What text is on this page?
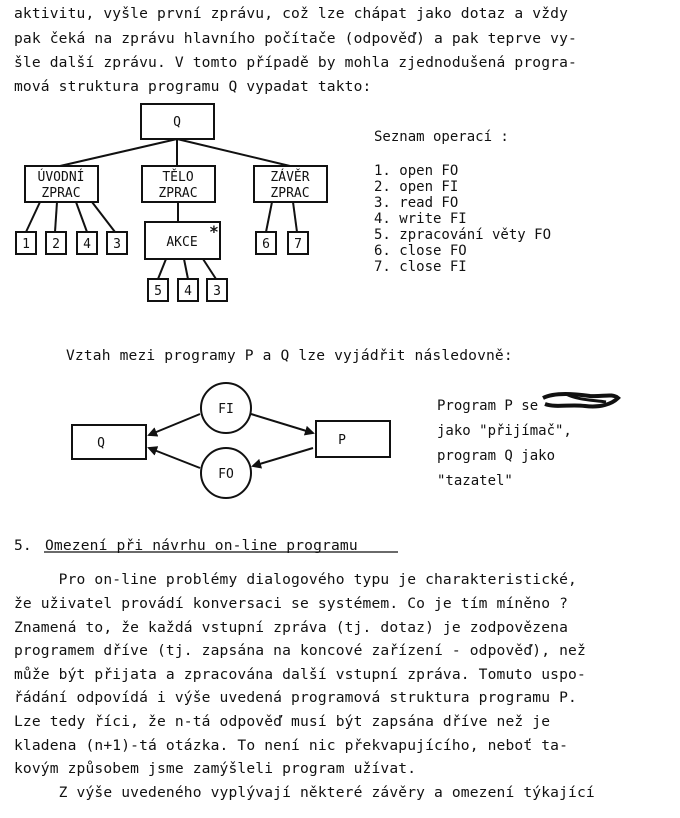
aktivitu, vyšle první zprávu, což lze chápat jako dotaz a vždy
pak čeká na zprávu hlavního počítače (odpověď) a pak teprve vy-
šle další zprávu. V tomto případě by mohla zjednodušená progra-
mová struktura programu Q vypadat takto:
Q
ÚVODNÍ
ZPRAC
TĚLO
ZPRAC
ZÁVĚR
ZPRAC
AKCE
*
1 2 4 3
5 4 3
6 7
Q	P
FI
FO
Seznam operací :
1. open FO
2. open FI
3. read FO
4. write FI
5. zpracování věty FO
6. close FO
7. close FI
Vztah mezi programy P a Q lze vyjádřit následovně:
Program P se
jako "přijímač",
program Q jako
"tazatel"
5. Omezení při návrhu on-line programu
Pro on-line problémy dialogového typu je charakteristické,
že uživatel provádí konversaci se systémem. Co je tím míněno ?
Znamená to, že každá vstupní zpráva (tj. dotaz) je zodpovězena
programem dříve (tj. zapsána na koncové zařízení - odpověď), než
může být přijata a zpracována další vstupní zpráva. Tomuto uspo-
řádání odpovídá i výše uvedená programová struktura programu P.
Lze tedy říci, že n-tá odpověď musí být zapsána dříve než je
kladena (n+1)-tá otázka. To není nic překvapujícího, neboť ta-
kovým způsobem jsme zamýšleli program užívat.
Z výše uvedeného vyplývají některé závěry a omezení týkající
